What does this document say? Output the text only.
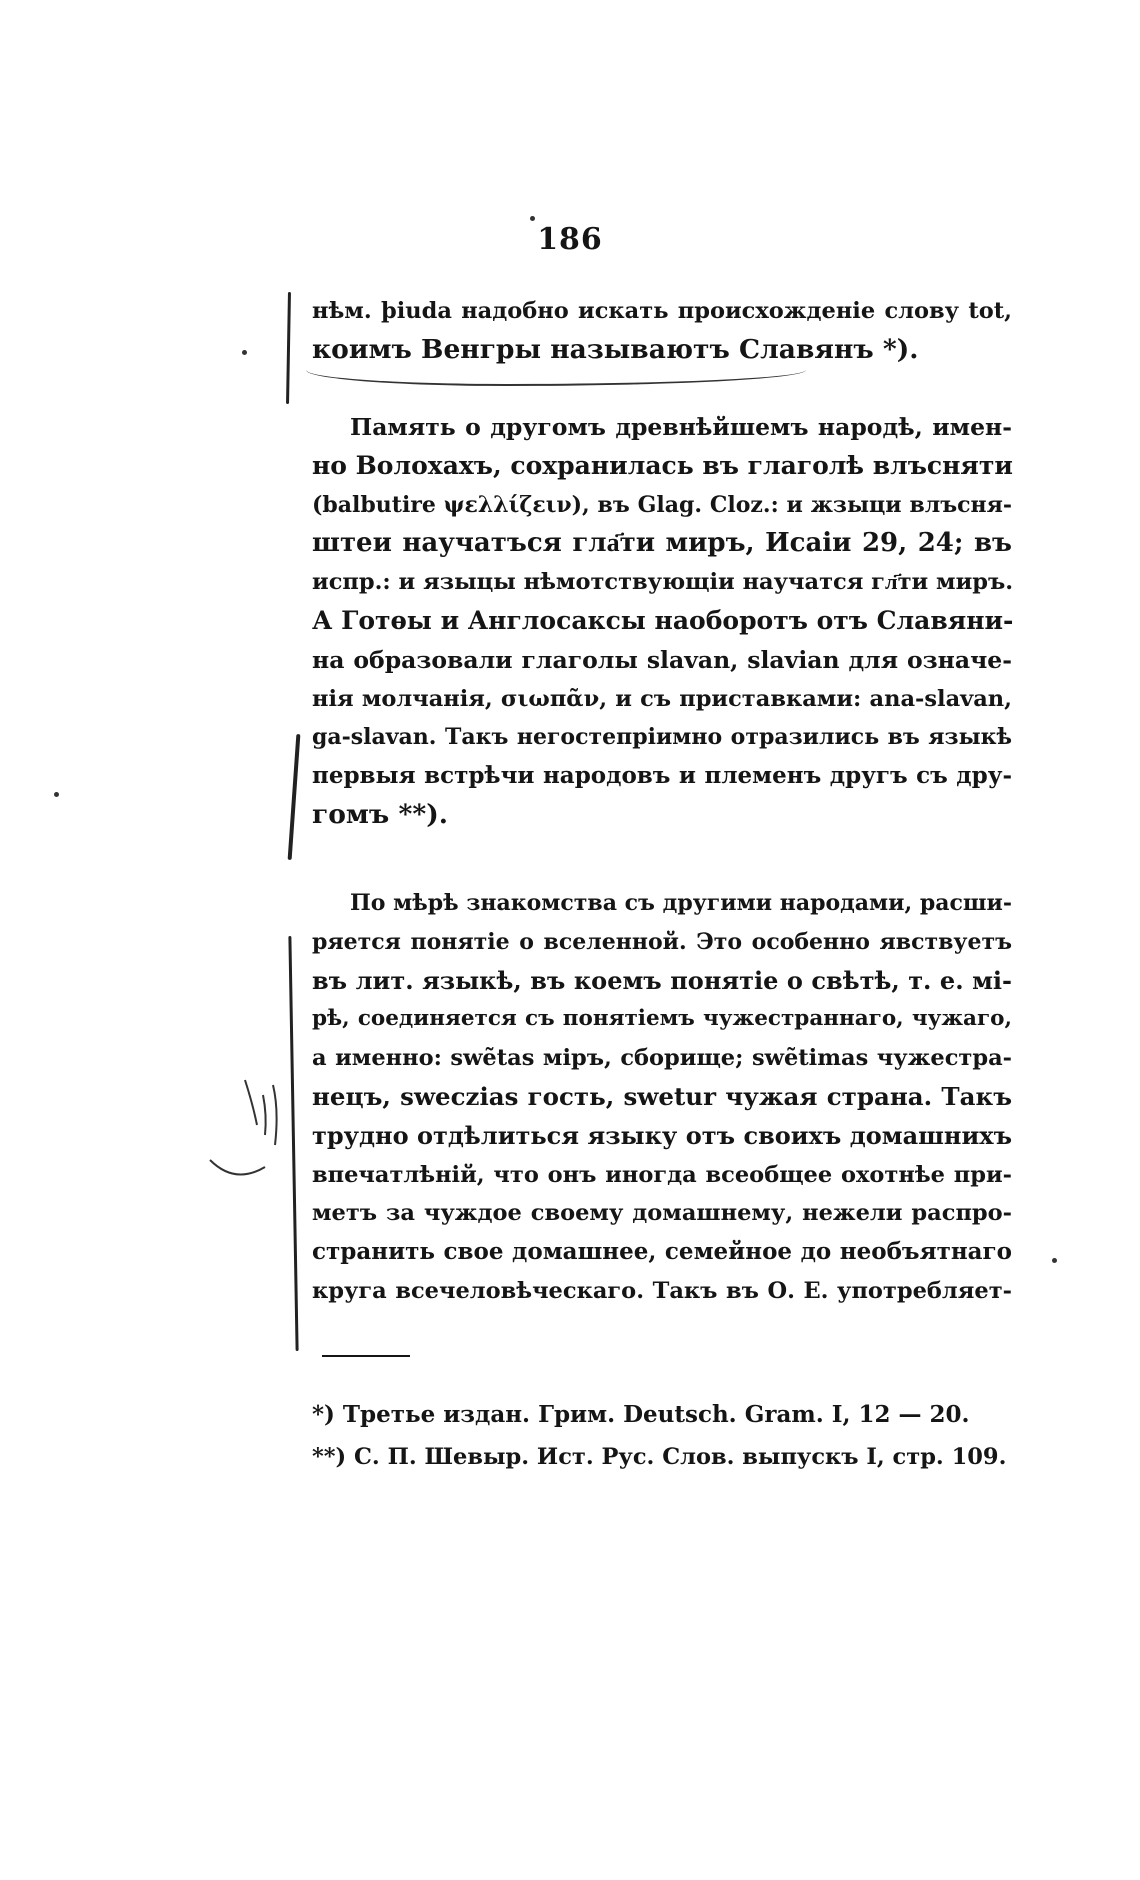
186
нѣм. þiuda надобно искать происхожденіе слову tot,
коимъ Венгры называютъ Славянъ *).
Память о другомъ древнѣйшемъ народѣ, имен-
но Волохахъ, сохранилась въ глаголѣ влъсняти
(balbutire ψελλίζειν), въ Glag. Cloz.: и жзыци влъсня-
штеи научатъся гла҃ти миръ, Исаіи 29, 24; въ
испр.: и языцы нѣмотствующіи научатся гл҃ти миръ.
А Готѳы и Англосаксы наоборотъ отъ Славяни-
на образовали глаголы slavan, slavian для означе-
нія молчанія, σιωπᾶν, и съ приставками: ana-slavan,
ga-slavan. Такъ негостепріимно отразились въ языкѣ
первыя встрѣчи народовъ и племенъ другъ съ дру-
гомъ **).
По мѣрѣ знакомства съ другими народами, расши-
ряется понятіе о вселенной. Это особенно явствуетъ
въ лит. языкѣ, въ коемъ понятіе о свѣтѣ, т. е. мі-
рѣ, соединяется съ понятіемъ чужестраннаго, чужаго,
а именно: swẽtas міръ, сборище; swẽtimas чужестра-
нецъ, sweczias гость, swetur чужая страна. Такъ
трудно отдѣлиться языку отъ своихъ домашнихъ
впечатлѣній, что онъ иногда всеобщее охотнѣе при-
метъ за чуждое своему домашнему, нежели распро-
странить свое домашнее, семейное до необъятнаго
круга всечеловѣческаго. Такъ въ О. Е. употребляет-
*) Третье издан. Грим. Deutsch. Gram. I, 12 — 20.
**) С. П. Шевыр. Ист. Рус. Слов. выпускъ I, стр. 109.
